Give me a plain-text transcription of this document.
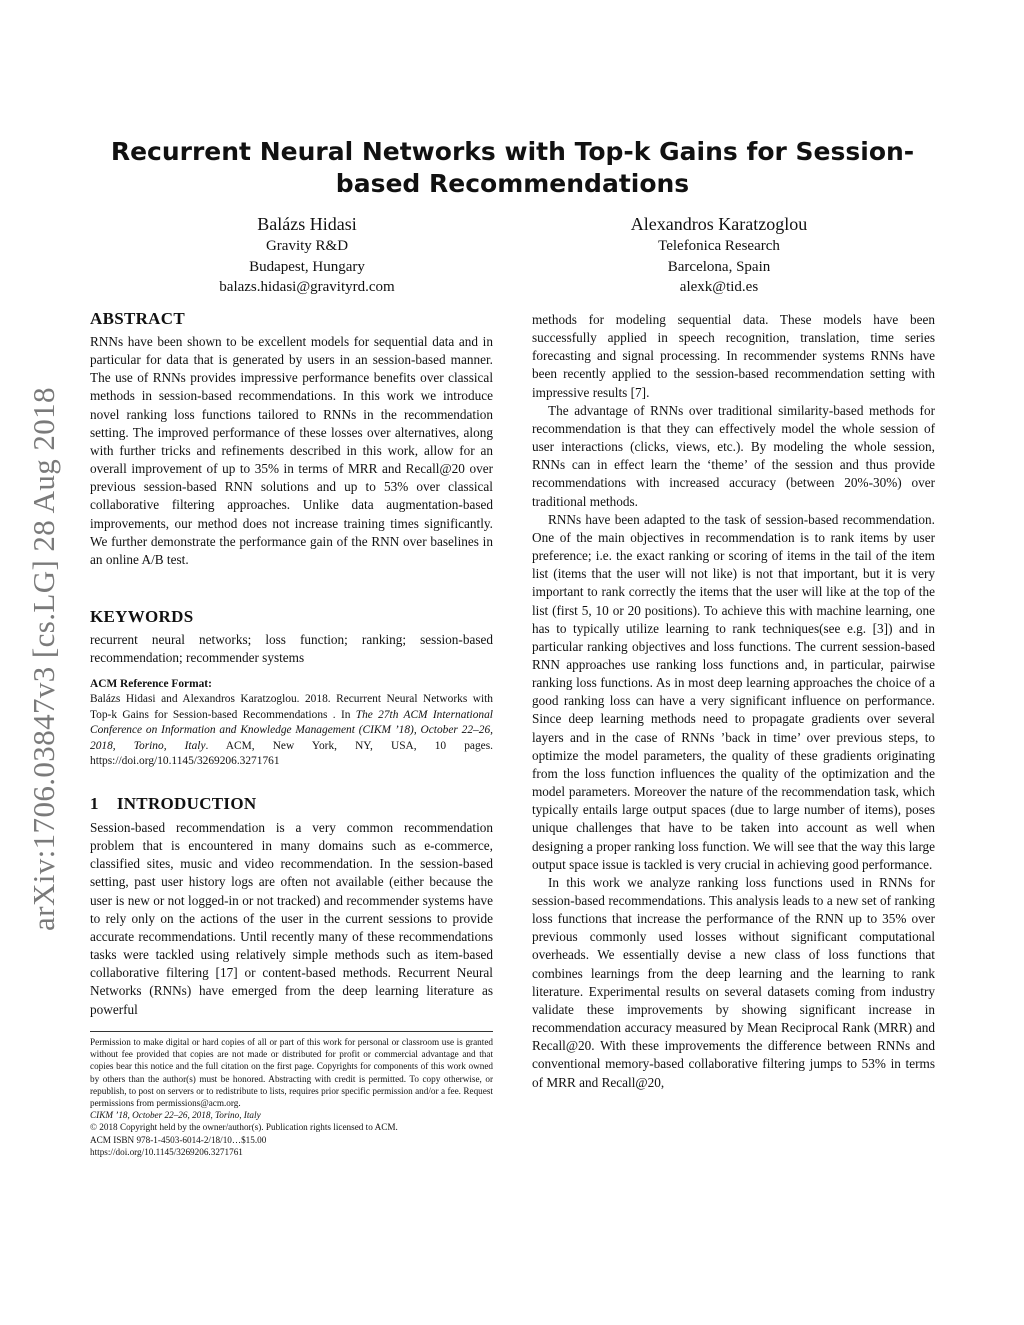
arXiv:1706.03847v3 [cs.LG] 28 Aug 2018
Recurrent Neural Networks with Top-k Gains for Session-based Recommendations
Balázs Hidasi
Gravity R&D
Budapest, Hungary
balazs.hidasi@gravityrd.com
Alexandros Karatzoglou
Telefonica Research
Barcelona, Spain
alexk@tid.es
ABSTRACT

RNNs have been shown to be excellent models for sequential data and in particular for data that is generated by users in an session-based manner. The use of RNNs provides impressive performance benefits over classical methods in session-based recommendations. In this work we introduce novel ranking loss functions tailored to RNNs in the recommendation setting. The improved performance of these losses over alternatives, along with further tricks and refinements described in this work, allow for an overall improvement of up to 35% in terms of MRR and Recall@20 over previous session-based RNN solutions and up to 53% over classical collaborative filtering approaches. Unlike data augmentation-based improvements, our method does not increase training times significantly. We further demonstrate the performance gain of the RNN over baselines in an online A/B test.

KEYWORDS

recurrent neural networks; loss function; ranking; session-based recommendation; recommender systems

ACM Reference Format:
Balázs Hidasi and Alexandros Karatzoglou. 2018. Recurrent Neural Networks with Top-k Gains for Session-based Recommendations . In The 27th ACM International Conference on Information and Knowledge Management (CIKM ’18), October 22–26, 2018, Torino, Italy. ACM, New York, NY, USA, 10 pages. https://doi.org/10.1145/3269206.3271761
1 INTRODUCTION

Session-based recommendation is a very common recommendation problem that is encountered in many domains such as e-commerce, classified sites, music and video recommendation. In the session-based setting, past user history logs are often not available (either because the user is new or not logged-in or not tracked) and recommender systems have to rely only on the actions of the user in the current sessions to provide accurate recommendations. Until recently many of these recommendations tasks were tackled using relatively simple methods such as item-based collaborative filtering [17] or content-based methods. Recurrent Neural Networks (RNNs) have emerged from the deep learning literature as powerful

Permission to make digital or hard copies of all or part of this work for personal or classroom use is granted without fee provided that copies are not made or distributed for profit or commercial advantage and that copies bear this notice and the full citation on the first page. Copyrights for components of this work owned by others than the author(s) must be honored. Abstracting with credit is permitted. To copy otherwise, or republish, to post on servers or to redistribute to lists, requires prior specific permission and/or a fee. Request permissions from permissions@acm.org.

CIKM ’18, October 22–26, 2018, Torino, Italy

© 2018 Copyright held by the owner/author(s). Publication rights licensed to ACM.

ACM ISBN 978-1-4503-6014-2/18/10…$15.00

https://doi.org/10.1145/3269206.3271761

methods for modeling sequential data. These models have been successfully applied in speech recognition, translation, time series forecasting and signal processing. In recommender systems RNNs have been recently applied to the session-based recommendation setting with impressive results [7].

The advantage of RNNs over traditional similarity-based methods for recommendation is that they can effectively model the whole session of user interactions (clicks, views, etc.). By modeling the whole session, RNNs can in effect learn the ‘theme’ of the session and thus provide recommendations with increased accuracy (between 20%-30%) over traditional methods.

RNNs have been adapted to the task of session-based recommendation. One of the main objectives in recommendation is to rank items by user preference; i.e. the exact ranking or scoring of items in the tail of the item list (items that the user will not like) is not that important, but it is very important to rank correctly the items that the user will like at the top of the list (first 5, 10 or 20 positions). To achieve this with machine learning, one has to typically utilize learning to rank techniques(see e.g. [3]) and in particular ranking objectives and loss functions. The current session-based RNN approaches use ranking loss functions and, in particular, pairwise ranking loss functions. As in most deep learning approaches the choice of a good ranking loss can have a very significant influence on performance. Since deep learning methods need to propagate gradients over several layers and in the case of RNNs ’back in time’ over previous steps, to optimize the model parameters, the quality of these gradients originating from the loss function influences the quality of the optimization and the model parameters. Moreover the nature of the recommendation task, which typically entails large output spaces (due to large number of items), poses unique challenges that have to be taken into account as well when designing a proper ranking loss function. We will see that the way this large output space issue is tackled is very crucial in achieving good performance.

In this work we analyze ranking loss functions used in RNNs for session-based recommendations. This analysis leads to a new set of ranking loss functions that increase the performance of the RNN up to 35% over previous commonly used losses without significant computational overheads. We essentially devise a new class of loss functions that combines learnings from the deep learning and the learning to rank literature. Experimental results on several datasets coming from industry validate these improvements by showing significant increase in recommendation accuracy measured by Mean Reciprocal Rank (MRR) and Recall@20. With these improvements the difference between RNNs and conventional memory-based collaborative filtering jumps to 53% in terms of MRR and Recall@20,
